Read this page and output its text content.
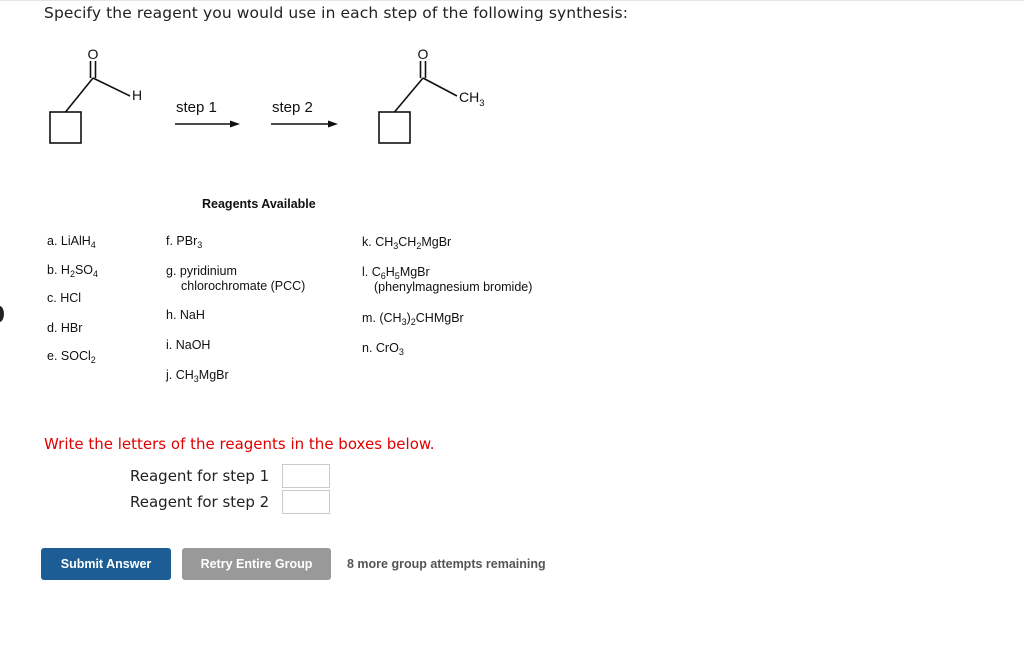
Specify the reagent you would use in each step of the following synthesis:
O
H
O
$CH_3$
step 1	step 2
Reagents Available
a. LiAlH$_4$
b. $H_2SO_4$
c. HCl
d. HBr
e. SOCl$_2$
f. PBr$_3$
g. pyridinium
chlorochromate (PCC)
h. NaH
i. NaOH
j. $CH_3MgBr$
k. $CH_3CH_2MgBr$
l. $C_6H_5MgBr$
(phenylmagnesium bromide)
m. $(CH_3)_2CHMgBr$
n. CrO$_3$
Write the letters of the reagents in the boxes below.
Reagent for step 1
Reagent for step 2
Submit Answer	Retry Entire Group	8 more group attempts remaining
